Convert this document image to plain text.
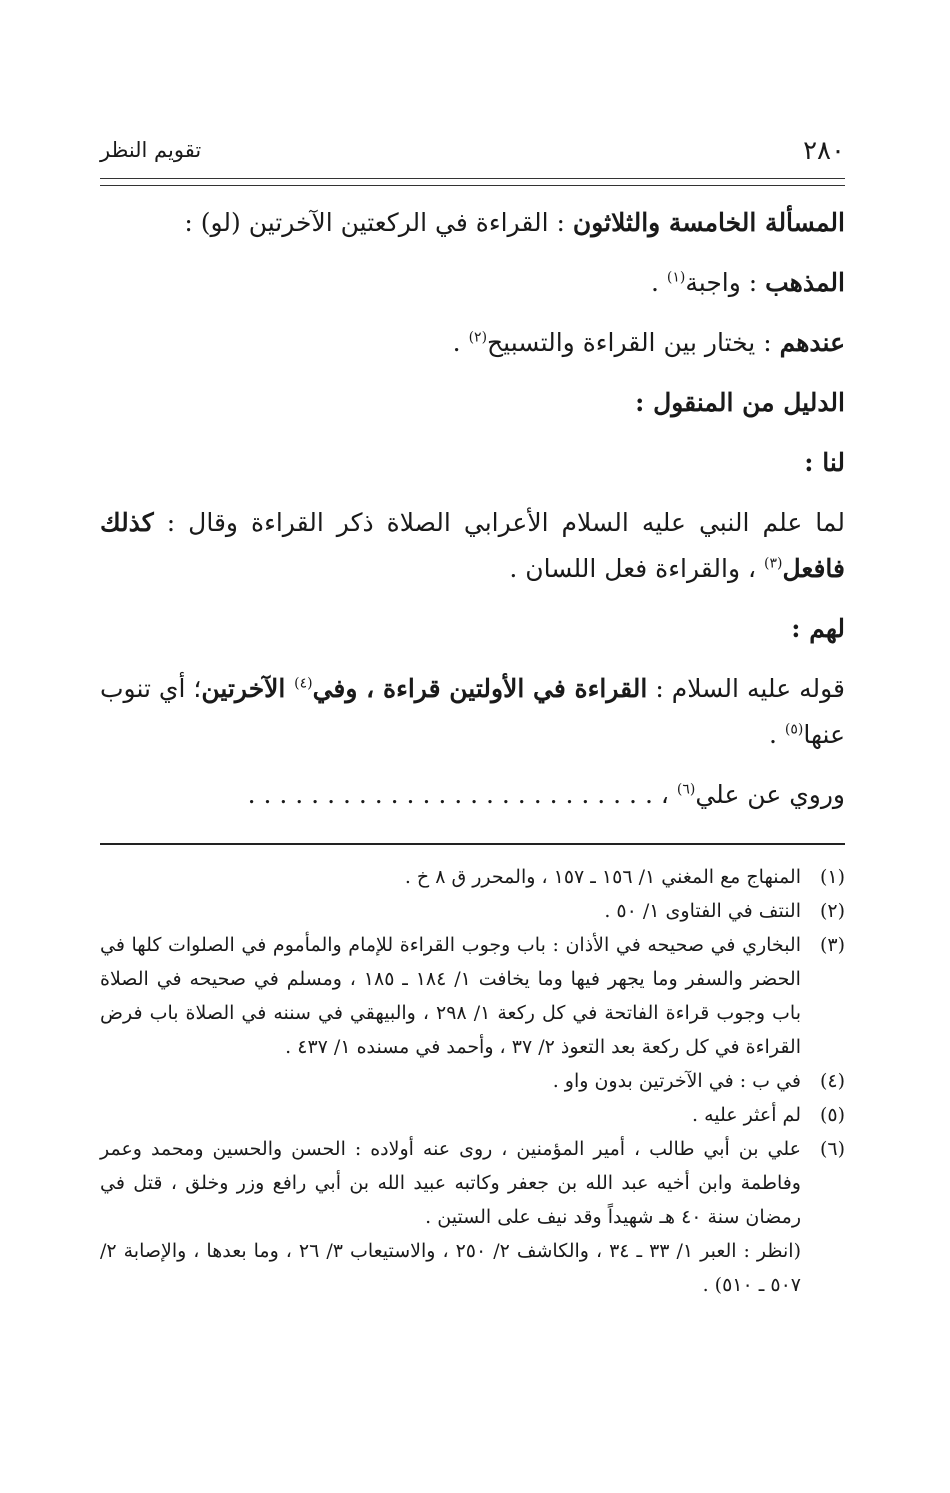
تقويم النظر	٢٨٠

المسألة الخامسة والثلاثون : القراءة في الركعتين الآخرتين (لو) :

المذهب : واجبة$^{(١)}$ .

عندهم : يختار بين القراءة والتسبيح$^{(٢)}$ .

الدليل من المنقول :

لنا :

لما علم النبي عليه السلام الأعرابي الصلاة ذكر القراءة وقال : كذلك فافعل$^{(٣)}$ ، والقراءة فعل اللسان .

لهم :

قوله عليه السلام : القراءة في الأولتين قراءة ، وفي$^{(٤)}$ الآخرتين؛ أي تنوب عنها$^{(٥)}$ .

وروي عن علي$^{(٦)}$ ، . . . . . . . . . . . . . . . . . . . . . . . . . .

(١)
المنهاج مع المغني ١/ ١٥٦ ـ ١٥٧ ، والمحرر ق ٨ خ .
(٢)
النتف في الفتاوى ١/ ٥٠ .
(٣)
البخاري في صحيحه في الأذان : باب وجوب القراءة للإمام والمأموم في الصلوات كلها في الحضر والسفر وما يجهر فيها وما يخافت ١/ ١٨٤ ـ ١٨٥ ، ومسلم في صحيحه في الصلاة باب وجوب قراءة الفاتحة في كل ركعة ١/ ٢٩٨ ، والبيهقي في سننه في الصلاة باب فرض القراءة في كل ركعة بعد التعوذ ٢/ ٣٧ ، وأحمد في مسنده ١/ ٤٣٧ .
(٤)
في ب : في الآخرتين بدون واو .
(٥)
لم أعثر عليه .
(٦)
علي بن أبي طالب ، أمير المؤمنين ، روى عنه أولاده : الحسن والحسين ومحمد وعمر وفاطمة وابن أخيه عبد الله بن جعفر وكاتبه عبيد الله بن أبي رافع وزر وخلق ، قتل في رمضان سنة ٤٠ هـ شهيداً وقد نيف على الستين .
(انظر : العبر ١/ ٣٣ ـ ٣٤ ، والكاشف ٢/ ٢٥٠ ، والاستيعاب ٣/ ٢٦ ، وما بعدها ، والإصابة ٢/ ٥٠٧ ـ ٥١٠) .
